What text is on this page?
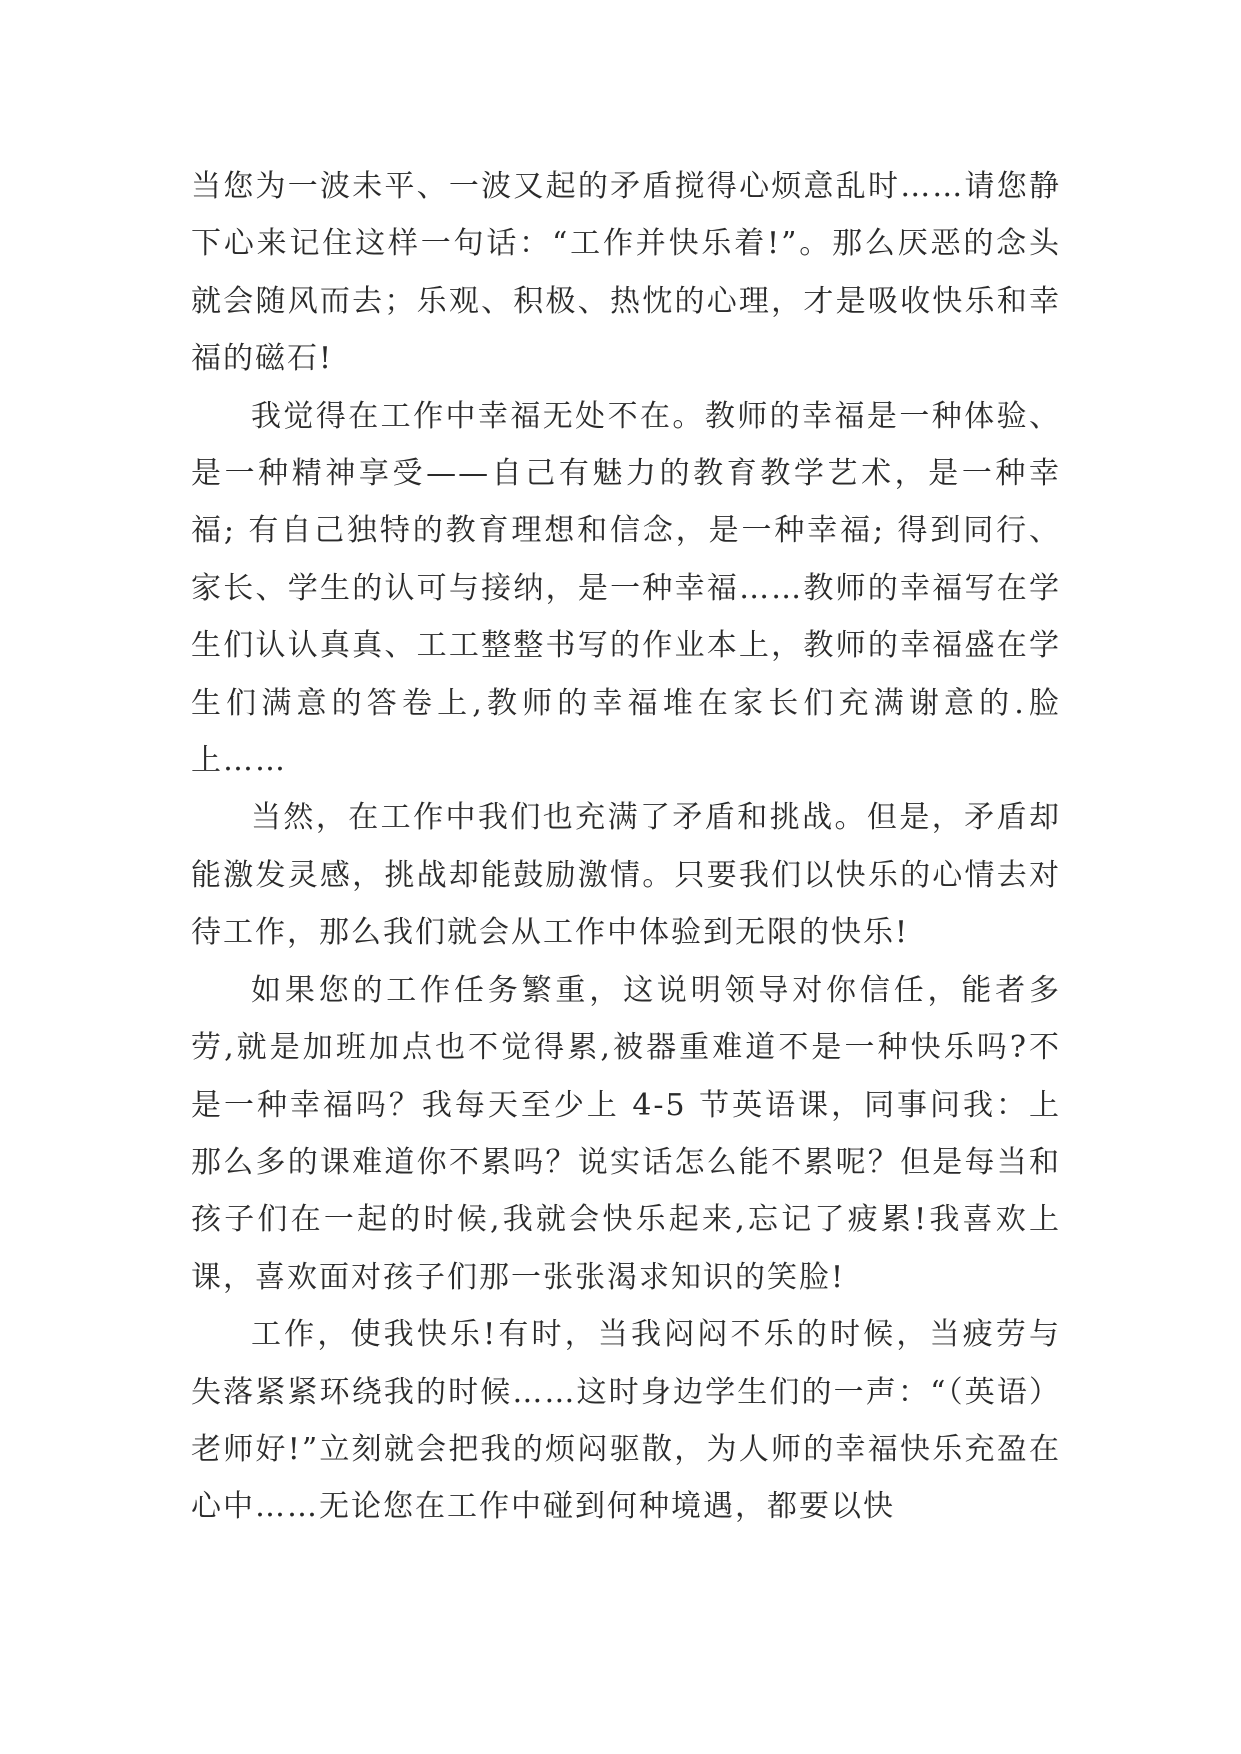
当您为一波未平、一波又起的矛盾搅得心烦意乱时……请您静下心来记住这样一句话：“工作并快乐着!”。那么厌恶的念头就会随风而去；乐观、积极、热忱的心理，才是吸收快乐和幸福的磁石!

我觉得在工作中幸福无处不在。教师的幸福是一种体验、是一种精神享受——自己有魅力的教育教学艺术，是一种幸福; 有自己独特的教育理想和信念，是一种幸福; 得到同行、家长、学生的认可与接纳，是一种幸福……教师的幸福写在学生们认认真真、工工整整书写的作业本上，教师的幸福盛在学生们满意的答卷上,教师的幸福堆在家长们充满谢意的.脸上……

当然，在工作中我们也充满了矛盾和挑战。但是，矛盾却能激发灵感，挑战却能鼓励激情。只要我们以快乐的心情去对待工作，那么我们就会从工作中体验到无限的快乐!

如果您的工作任务繁重，这说明领导对你信任，能者多劳,就是加班加点也不觉得累,被器重难道不是一种快乐吗?不是一种幸福吗？我每天至少上 4-5 节英语课，同事问我：上那么多的课难道你不累吗？说实话怎么能不累呢？但是每当和孩子们在一起的时候,我就会快乐起来,忘记了疲累!我喜欢上课，喜欢面对孩子们那一张张渴求知识的笑脸!

工作，使我快乐!有时，当我闷闷不乐的时候，当疲劳与失落紧紧环绕我的时候……这时身边学生们的一声：“（英语）老师好!”立刻就会把我的烦闷驱散，为人师的幸福快乐充盈在心中……无论您在工作中碰到何种境遇，都要以快
